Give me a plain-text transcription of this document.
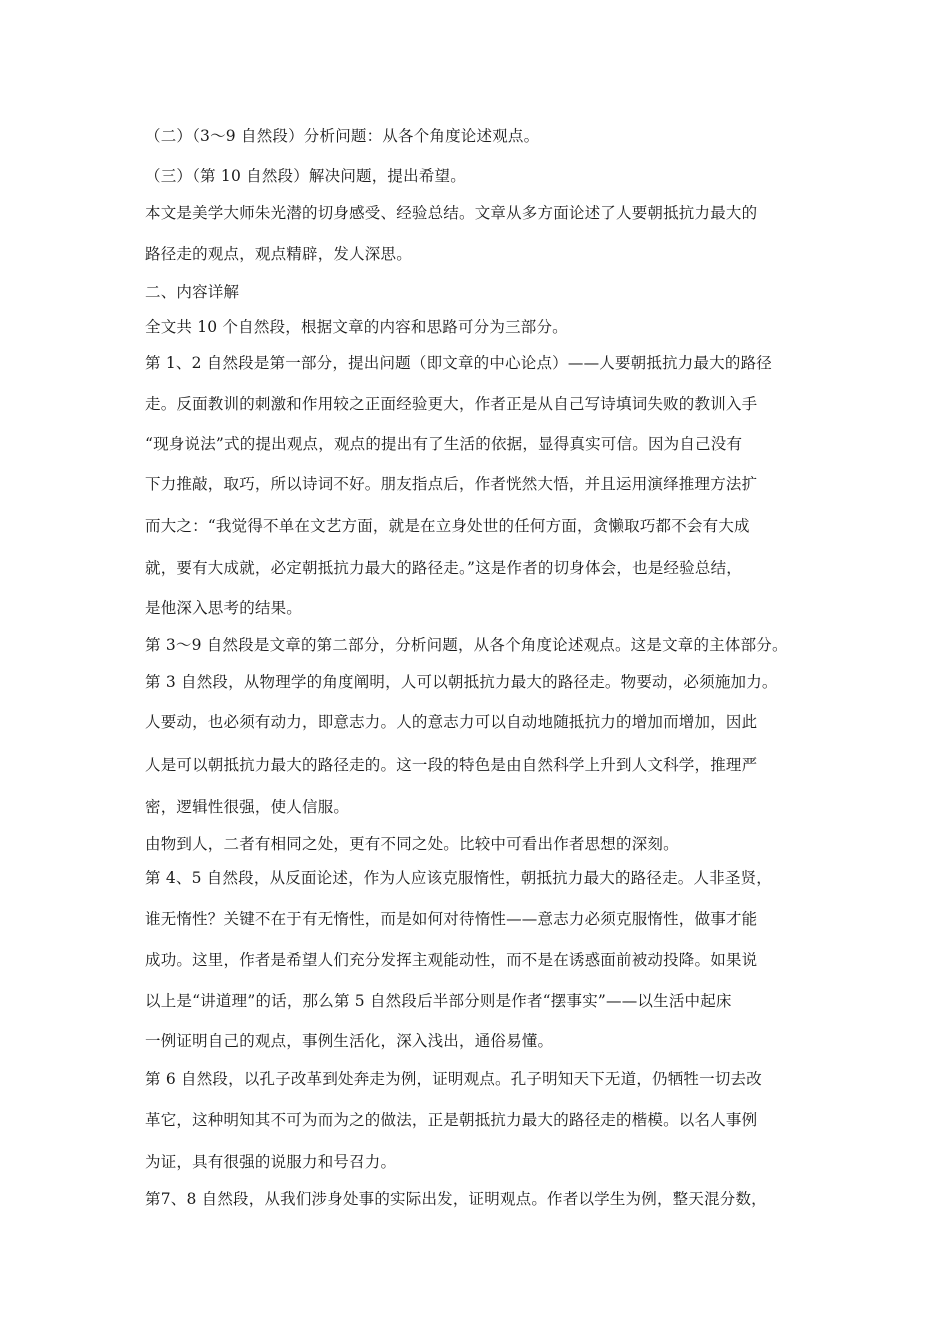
（二）（3～9 自然段）分析问题：从各个角度论述观点。
（三）（第 10 自然段）解决问题，提出希望。
本文是美学大师朱光潜的切身感受、经验总结。文章从多方面论述了人要朝抵抗力最大的
路径走的观点，观点精辟，发人深思。
二、内容详解
全文共 10 个自然段，根据文章的内容和思路可分为三部分。
第 1、2 自然段是第一部分，提出问题（即文章的中心论点）——人要朝抵抗力最大的路径
走。反面教训的刺激和作用较之正面经验更大，作者正是从自己写诗填词失败的教训入手
“现身说法”式的提出观点，观点的提出有了生活的依据，显得真实可信。因为自己没有
下力推敲，取巧，所以诗词不好。朋友指点后，作者恍然大悟，并且运用演绎推理方法扩
而大之：“我觉得不单在文艺方面，就是在立身处世的任何方面，贪懒取巧都不会有大成
就，要有大成就，必定朝抵抗力最大的路径走。”这是作者的切身体会，也是经验总结，
是他深入思考的结果。
第 3～9 自然段是文章的第二部分，分析问题，从各个角度论述观点。这是文章的主体部分。
第 3 自然段，从物理学的角度阐明，人可以朝抵抗力最大的路径走。物要动，必须施加力。
人要动，也必须有动力，即意志力。人的意志力可以自动地随抵抗力的增加而增加，因此
人是可以朝抵抗力最大的路径走的。这一段的特色是由自然科学上升到人文科学，推理严
密，逻辑性很强，使人信服。
由物到人，二者有相同之处，更有不同之处。比较中可看出作者思想的深刻。
第 4、5 自然段，从反面论述，作为人应该克服惰性，朝抵抗力最大的路径走。人非圣贤，
谁无惰性？关键不在于有无惰性，而是如何对待惰性——意志力必须克服惰性，做事才能
成功。这里，作者是希望人们充分发挥主观能动性，而不是在诱惑面前被动投降。如果说
以上是“讲道理”的话，那么第 5 自然段后半部分则是作者“摆事实”——以生活中起床
一例证明自己的观点，事例生活化，深入浅出，通俗易懂。
第 6 自然段，以孔子改革到处奔走为例，证明观点。孔子明知天下无道，仍牺牲一切去改
革它，这种明知其不可为而为之的做法，正是朝抵抗力最大的路径走的楷模。以名人事例
为证，具有很强的说服力和号召力。
第7、8 自然段，从我们涉身处事的实际出发，证明观点。作者以学生为例，整天混分数，
